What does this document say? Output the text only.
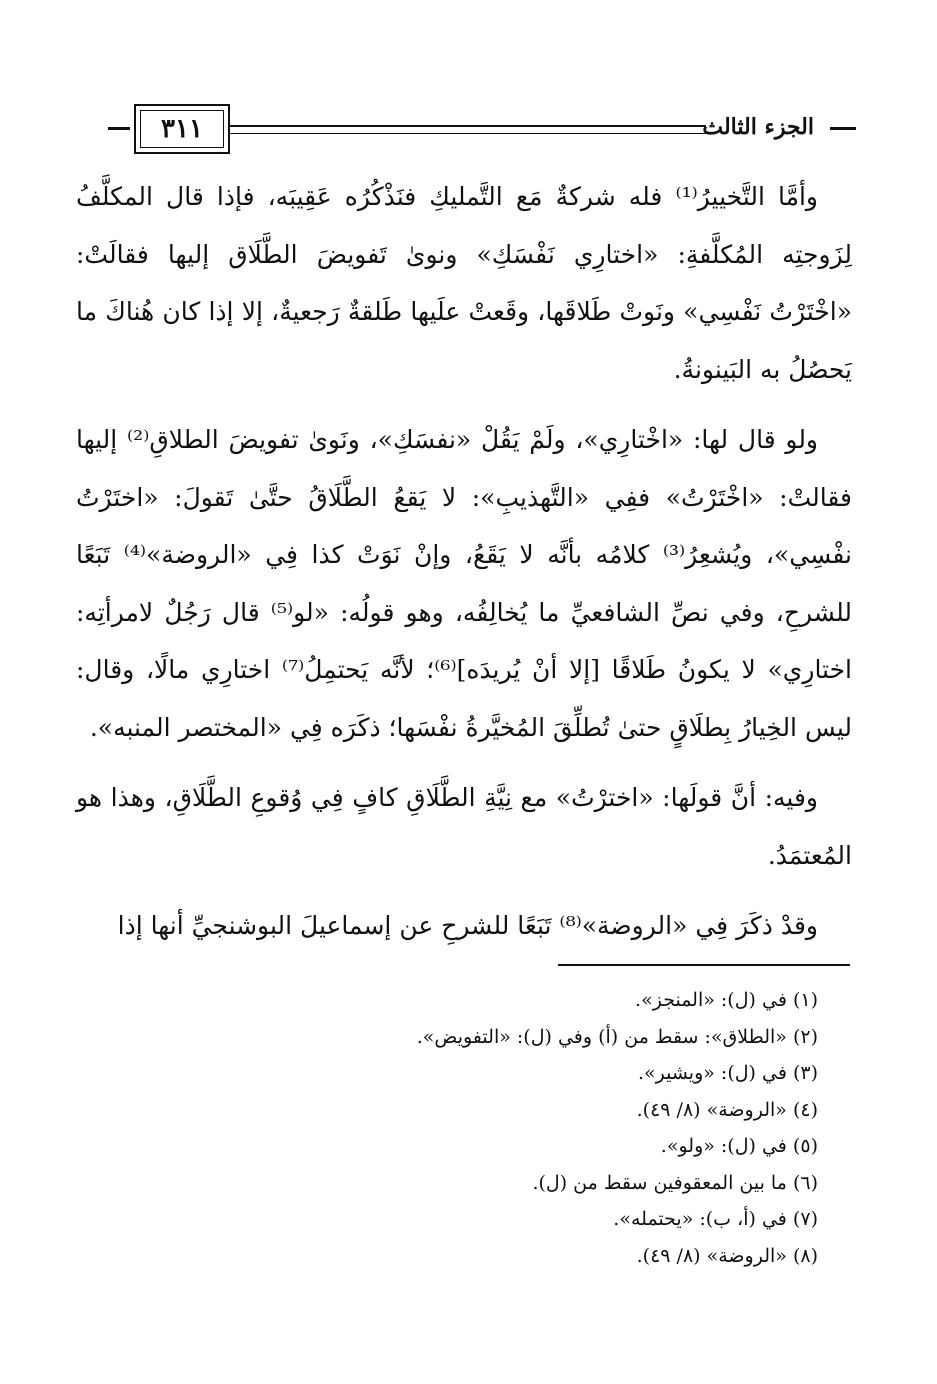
٣١١	الجزء الثالث

وأمَّا التَّخييرُ⁽¹⁾ فله شركةٌ مَع التَّمليكِ فنَذْكُرُه عَقِيبَه، فإذا قال المكلَّفُ لِزَوجتِه المُكلَّفةِ: «اختارِي نَفْسَكِ» ونوىٰ تَفويضَ الطَّلَاق إليها فقالَتْ: «اخْتَرْتُ نَفْسِي» ونَوتْ طَلاقَها، وقَعتْ علَيها طَلقةٌ رَجعيةٌ، إلا إذا كان هُناكَ ما يَحصُلُ به البَينونةُ.

ولو قال لها: «اخْتارِي»، ولَمْ يَقُلْ «نفسَكِ»، ونَوىٰ تفويضَ الطلاقِ⁽²⁾ إليها فقالتْ: «اخْتَرْتُ» ففِي «التَّهذيبِ»: لا يَقعُ الطَّلَاقُ حتَّىٰ تَقولَ: «اختَرْتُ نفْسِي»، ويُشعِرُ⁽³⁾ كلامُه بأنَّه لا يَقَعُ، وإنْ نَوَتْ كذا فِي «الروضة»⁽⁴⁾ تَبَعًا للشرحِ، وفي نصِّ الشافعيِّ ما يُخالِفُه، وهو قولُه: «لو⁽⁵⁾ قال رَجُلٌ لامرأتِه: اختارِي» لا يكونُ طَلاقًا [إلا أنْ يُريدَه]⁽⁶⁾؛ لأنَّه يَحتمِلُ⁽⁷⁾ اختارِي مالًا، وقال: ليس الخِيارُ بِطلَاقٍ حتىٰ تُطلِّقَ المُخيَّرةُ نفْسَها؛ ذكَرَه فِي «المختصر المنبه».

وفيه: أنَّ قولَها: «اخترْتُ» مع نِيَّةِ الطَّلَاقِ كافٍ فِي وُقوعِ الطَّلَاقِ، وهذا هو المُعتمَدُ.

وقدْ ذكَرَ فِي «الروضة»⁽⁸⁾ تَبَعًا للشرحِ عن إسماعيلَ البوشنجيِّ أنها إذا

(١) في (ل): «المنجز».
(٢) «الطلاق»: سقط من (أ) وفي (ل): «التفويض».
(٣) في (ل): «ويشير».
(٤) «الروضة» (٨/ ٤٩).
(٥) في (ل): «ولو».
(٦) ما بين المعقوفين سقط من (ل).
(٧) في (أ، ب): «يحتمله».
(٨) «الروضة» (٨/ ٤٩).
